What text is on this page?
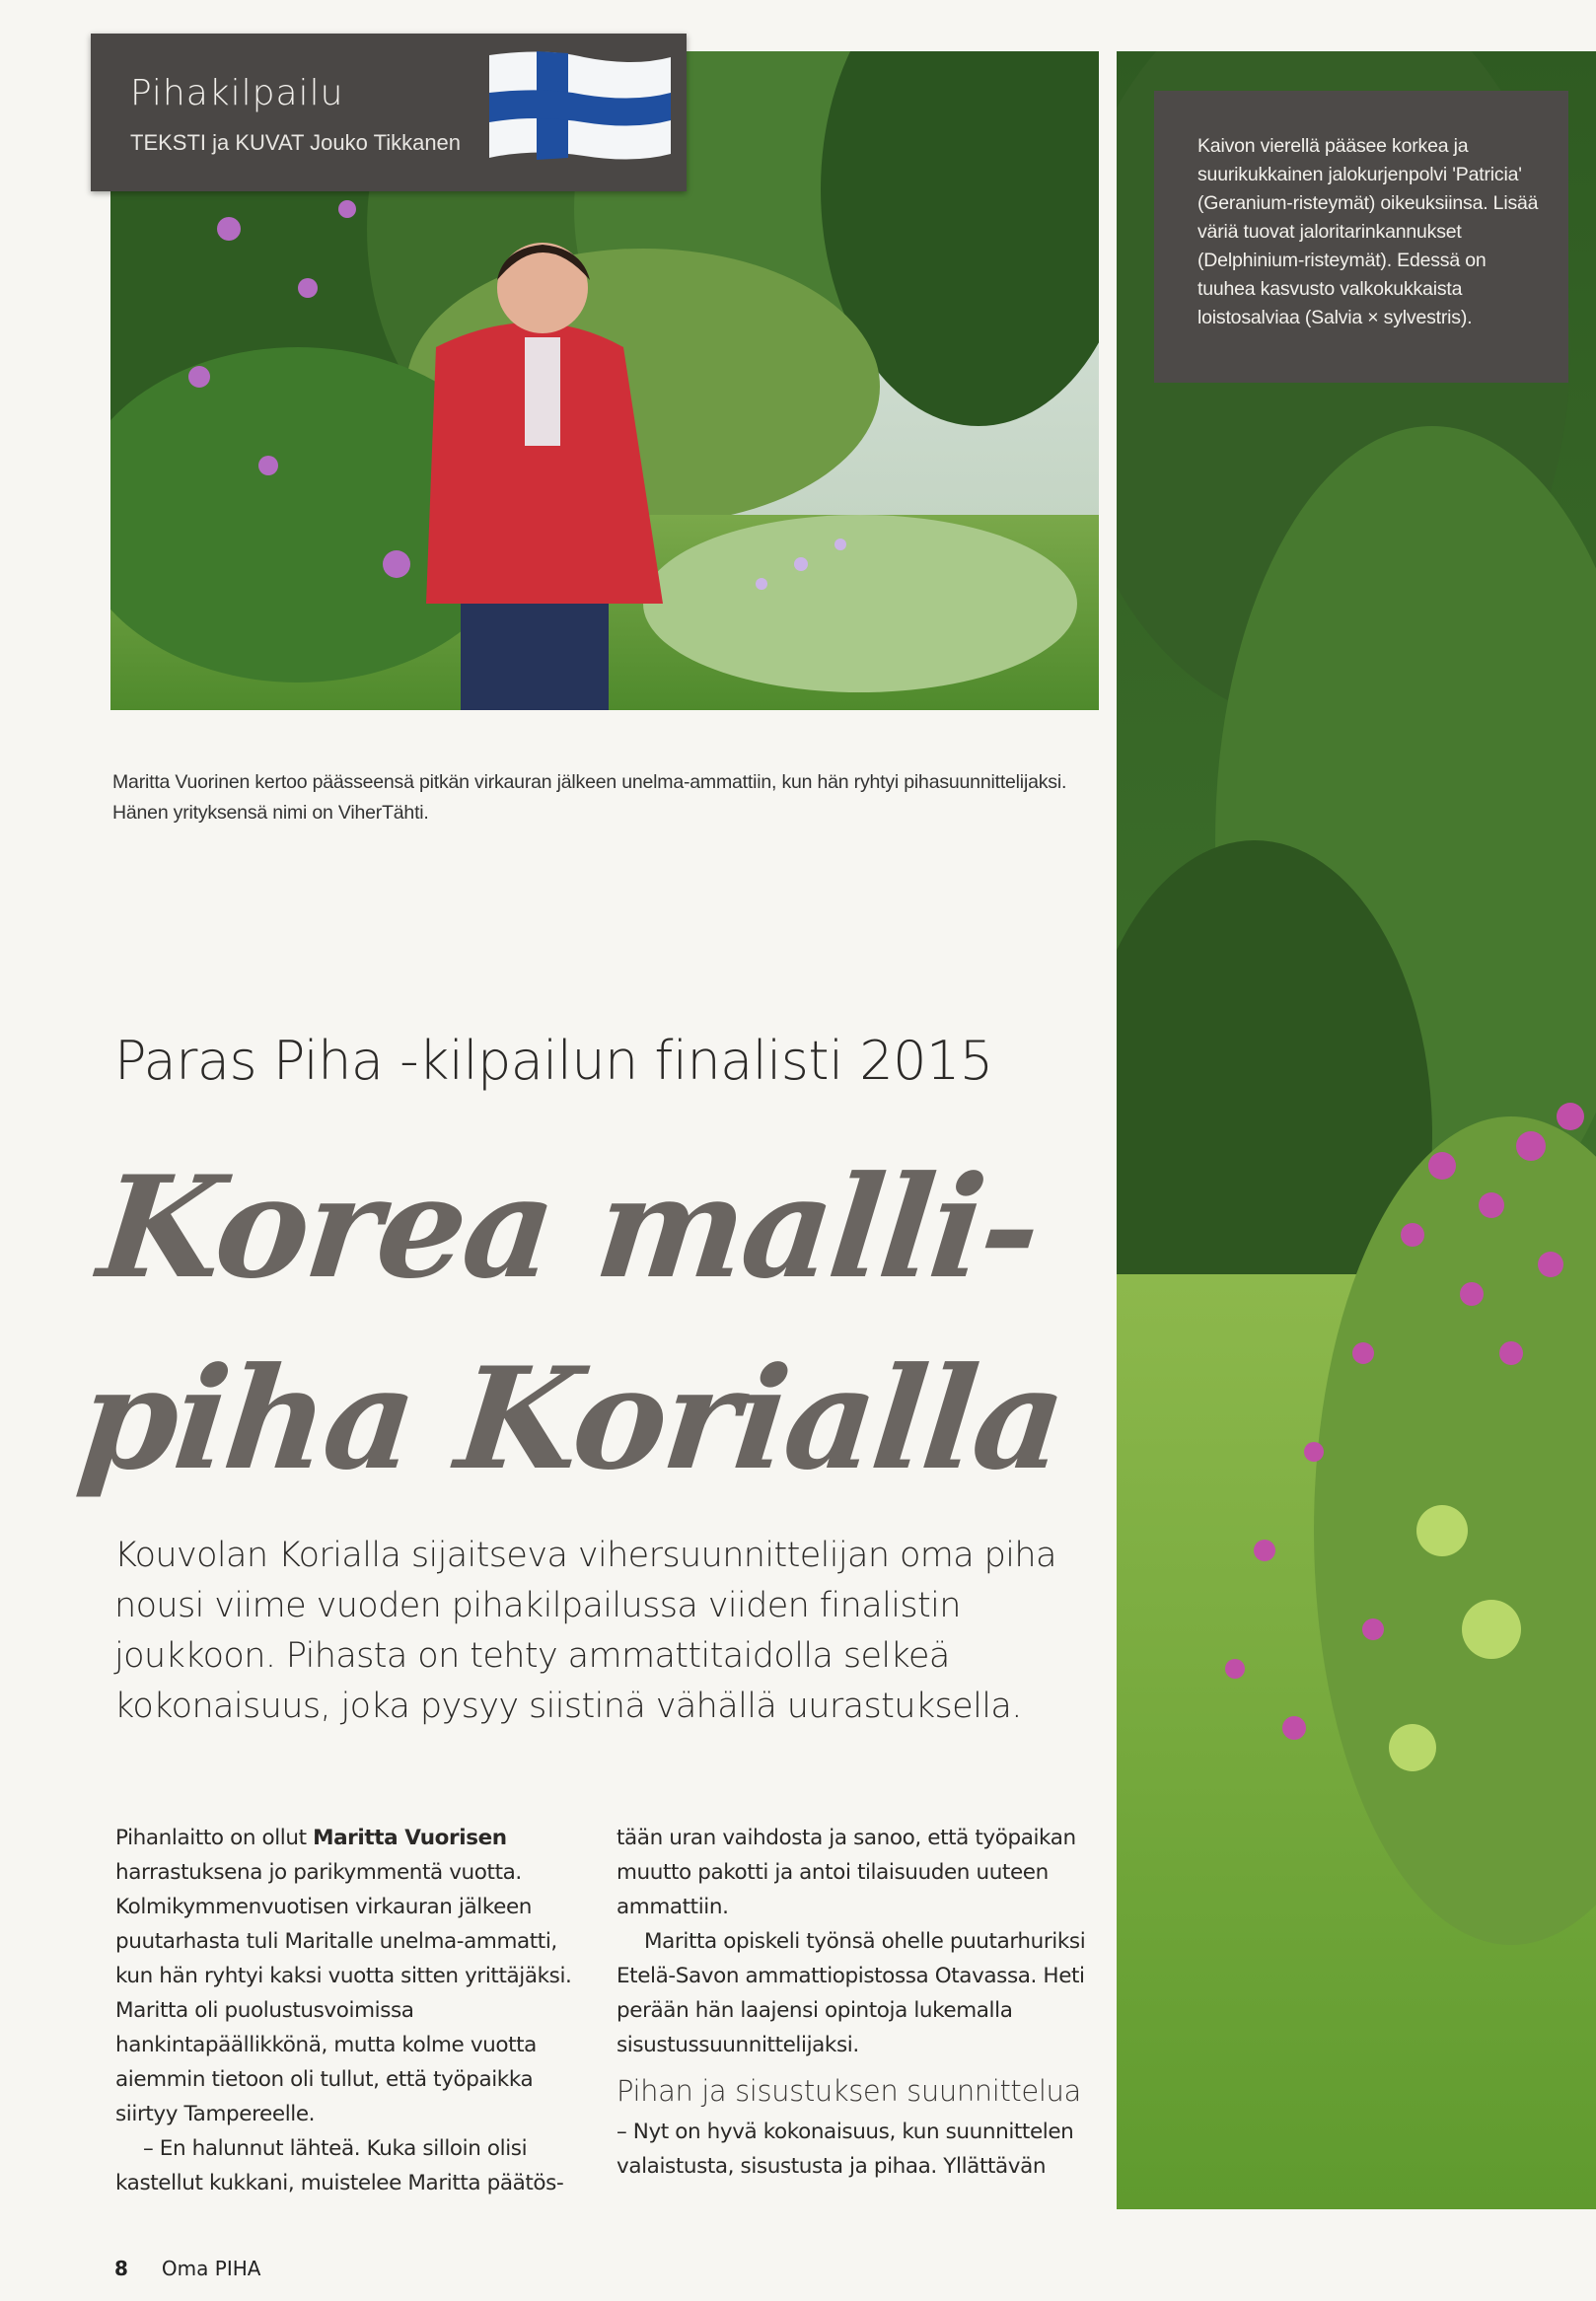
Pihakilpailu
TEKSTI ja KUVAT Jouko Tikkanen	Kaivon vierellä pääsee korkea ja suurikukkainen jalokurjenpolvi 'Patricia' (Geranium-risteymät) oikeuksiinsa. Lisää väriä tuovat jaloritarinkannukset (Delphinium-risteymät). Edessä on tuuhea kasvusto valkokukkaista loistosalviaa (Salvia × sylvestris).

Maritta Vuorinen kertoo päässeensä pitkän virkauran jälkeen unelma-ammattiin, kun hän ryhtyi pihasuunnittelijaksi. Hänen yrityksensä nimi on ViherTähti.
Paras Piha -kilpailun finalisti 2015
Korea malli-
piha Korialla
Kouvolan Korialla sijaitseva vihersuunnittelijan oma piha nousi viime vuoden pihakilpailussa viiden finalistin joukkoon. Pihasta on tehty ammattitaidolla selkeä kokonaisuus, joka pysyy siistinä vähällä uurastuksella.

Pihanlaitto on ollut Maritta Vuorisen harrastuksena jo parikymmentä vuotta. Kolmikymmenvuotisen virkauran jälkeen puutarhasta tuli Maritalle unelma-ammatti, kun hän ryhtyi kaksi vuotta sitten yrittäjäksi. Maritta oli puolustusvoimissa hankintapäällikkönä, mutta kolme vuotta aiemmin tietoon oli tullut, että työpaikka siirtyy Tampereelle.

– En halunnut lähteä. Kuka silloin olisi kastellut kukkani, muistelee Maritta päätös-

tään uran vaihdosta ja sanoo, että työpaikan muutto pakotti ja antoi tilaisuuden uuteen ammattiin.

Maritta opiskeli työnsä ohelle puutarhuriksi Etelä-Savon ammattiopistossa Otavassa. Heti perään hän laajensi opintoja lukemalla sisustussuunnittelijaksi.

Pihan ja sisustuksen suunnittelua

– Nyt on hyvä kokonaisuus, kun suunnittelen valaistusta, sisustusta ja pihaa. Yllättävän

8 Oma PIHA
